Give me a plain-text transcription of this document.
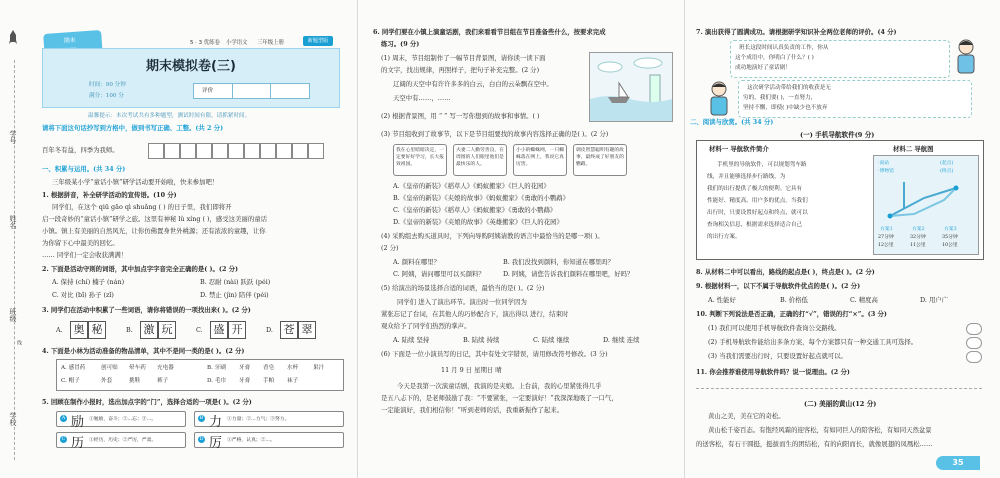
学号
姓名
班级
学校
线
期末	5 · 3 优练卷 小学语文 三年级上册	新题型版
期末模拟卷(三)
时间：90 分钟
满分：100 分
评价
温馨提示：本次考试共有多种题型，测试时间有限，请抓紧时间。
请将下面这句话抄写到方格中，做到书写正确、工整。(共 2 分)
百年冬有益，四季为我师。
一、积累与运用。(共 34 分)
三年级某小学“童话小镇”研学活动要开始啦，快来参加吧！
1. 根据拼音，补全研学活动的宣传语。(10 分)
同学们，在这个 qiū gāo qì shuǎng ( ) 的日子里，我们即将开
启一段奇妙的“童话小镇”研学之旅。这里有神秘 lǔ xíng ( )，感受这美丽的童话
小镇。镇上有美丽的自然风光，让你仿佛置身世外桃源；还有浓浓的童趣，让你
为你留下心中最美的回忆。
…… 同学们一定会收获满满！
2. 下面是活动守则的词语，其中加点字字音完全正确的是( )。(2 分)
A. 保持 (chí) 楠子 (nán)	B. 忍耐 (nài) 跃跃 (péi)
C. 对比 (bǐ) 孙子 (zǐ)	D. 禁止 (jìn) 陪伴 (péi)
3. 同学们在活动中积累了一些词语，请你将错误的一项找出来( )。(2 分)
A. 奥 秘	B. 激 玩	C. 盛 开	D. 苍 翠
4. 下面是小林为活动准备的物品清单，其中不是同一类的是( )。(2 分)
A. 感冒药	创可贴 晕车药 充电器	B. 牙刷 牙膏 香皂 水杯	果汁
C. 帽子	外套	挑鞋	裤子	D. 毛巾 牙膏 手帕 袜子
5. 回顾在制作小报时，选出加点字的“门”，选择合适的一项是( )。(2 分)
A 励 ①勉励，奋斗；②…忘；③…。	B 力 ①力量；②…力气；③努力。
C 历 ①经历，历史；②严厉，严肃。	D 厉 ①严格，认真；②…。
6. 同学们要在小镇上演童话剧，我们来看看节目组在节目准备些什么，按要求完成
练习。(9 分)
(1) 周末，节目组制作了一幅节目背景图，请你读一读下面
的文字，找出规律，再照样子，把句子补充完整。(2 分)
辽阔的天空中有许许多多的白云，白白的云朵飘在空中。
天空中有……，……
(2) 根据背景图，用 “ ” 写一写你想到的故事和事情。( )
(3) 节目组收到了故事节，以下是节目组要找的故事内容选择正确的是( )。(2 分)
我在心里暗暗决定，一定要好好学习，长大报效祖国。
夫妻二人勤劳善良，在周围的人们眼里他们是最快乐的人。
小小的蜘蛛网，一只蜘蛛落在网上，我说它真厉害。
调皮智慧聪明有趣的故事，最终成了好朋友的鹦鹉。
A.《皇帝的新装》《稻草人》《蚂蚁搬家》《巨人的花园》
B.《皇帝的新装》《夹娘的故事》《蚂蚁搬家》《勇敢的小鹦鹉》
C.《皇帝的新装》《稻草人》《蚂蚁搬家》《勇敢的小鹦鹉》
D.《皇帝的新装》《夹娘的故事》《英雄搬家》《巨人的花园》
(4) 采购组去购买道具时，下列向导购阿姨请教的语言中最恰当的是哪一项( )。
(2 分)
A. 颜料在哪里？	B. 我们没找到颜料，你知道在哪里吗？
C. 阿姨，请问哪里可以买颜料？	D. 阿姨，请您告诉我们颜料在哪里吧，好吗？
(5) 给演出的场景选择合适的词语，最恰当的是( )。(2 分)
同学们 进入了演出环节。演出时一位同学因为
紧张忘记了台词，在其他人的巧妙配合下，演出得以 进行，结束时
观众给予了同学们热烈的掌声。
A. 陆续 坚持	B. 陆续 持续	C. 陆续 继续	D. 继续 连续
(6) 下面是一位小演员写的日记，其中有处文字错误，请用修改符号修改。(3 分)
11 月 9 日 星期日 晴
今天是我第一次演童话剧，我演的是夹娘。上台前，我的心里紧张得几乎
是五八忐下的，是老师鼓励了我：“不要紧张，一定要演好！”我深深地吸了一口气，
一定能演好，我们相信你！”听到老师的话，我重新振作了起来。
7. 演出获得了圆满成功。请根据研学知识补全两位老师的评价。(4 分)
班长这段时间认真负责的工作，你从
这个成语中，你明白了什么？( )
成功地演好了童话剧！
这次研学活动带给我们的收获是无
穷的，我们要( )，一直努力，
坚持不懈，即使( )中缺少也不放弃
二、阅读与欣赏。(共 34 分)
(一) 手机导航软件(9 分)
材料一 导航软件简介
手机里的导航软件，可以规划驾车路
线，并且能够选择步行路线，为
我们的出行提供了极大的便利。它具有
性能好、精度高、用户多的优点。当我们
出行时，只要设置好起点和终点，就可以
查询相关信息，根据需求选择适合自己
的出行方案。
材料二 导航图
·南站
·博物馆
(起点)
(终点)
方案1	方案2	方案3
27分钟	32分钟	35分钟
12公里	11公里	10公里
8. 从材料二中可以看出，路线的起点是( )，终点是( )。(2 分)
9. 根据材料一，以下不属于导航软件优点的是( )。(2 分)
A. 性能好	B. 价格低	C. 精度高	D. 用户广
10. 判断下列说法是否正确，正确的打“√”，错误的打“×”。(3 分)
(1) 我们可以使用手机导航软件查询公交路线。
(2) 手机导航软件能给出多条方案，每个方案都只有一种交通工具可选择。
(3) 当我们需要出行时，只要设置好起点就可以。
11. 你会推荐谁使用导航软件吗？说一说理由。(2 分)
(二) 美丽的黄山(12 分)
黄山之美，美在它的奇松。
黄山松千姿百态。有饱经风霜的迎客松，有如同巨人的陪客松，有如同天然盆景
的送客松，有石干圆挺，挺拔而生的团结松，有的向阳而长，就像展翅的凤凰松……
35
